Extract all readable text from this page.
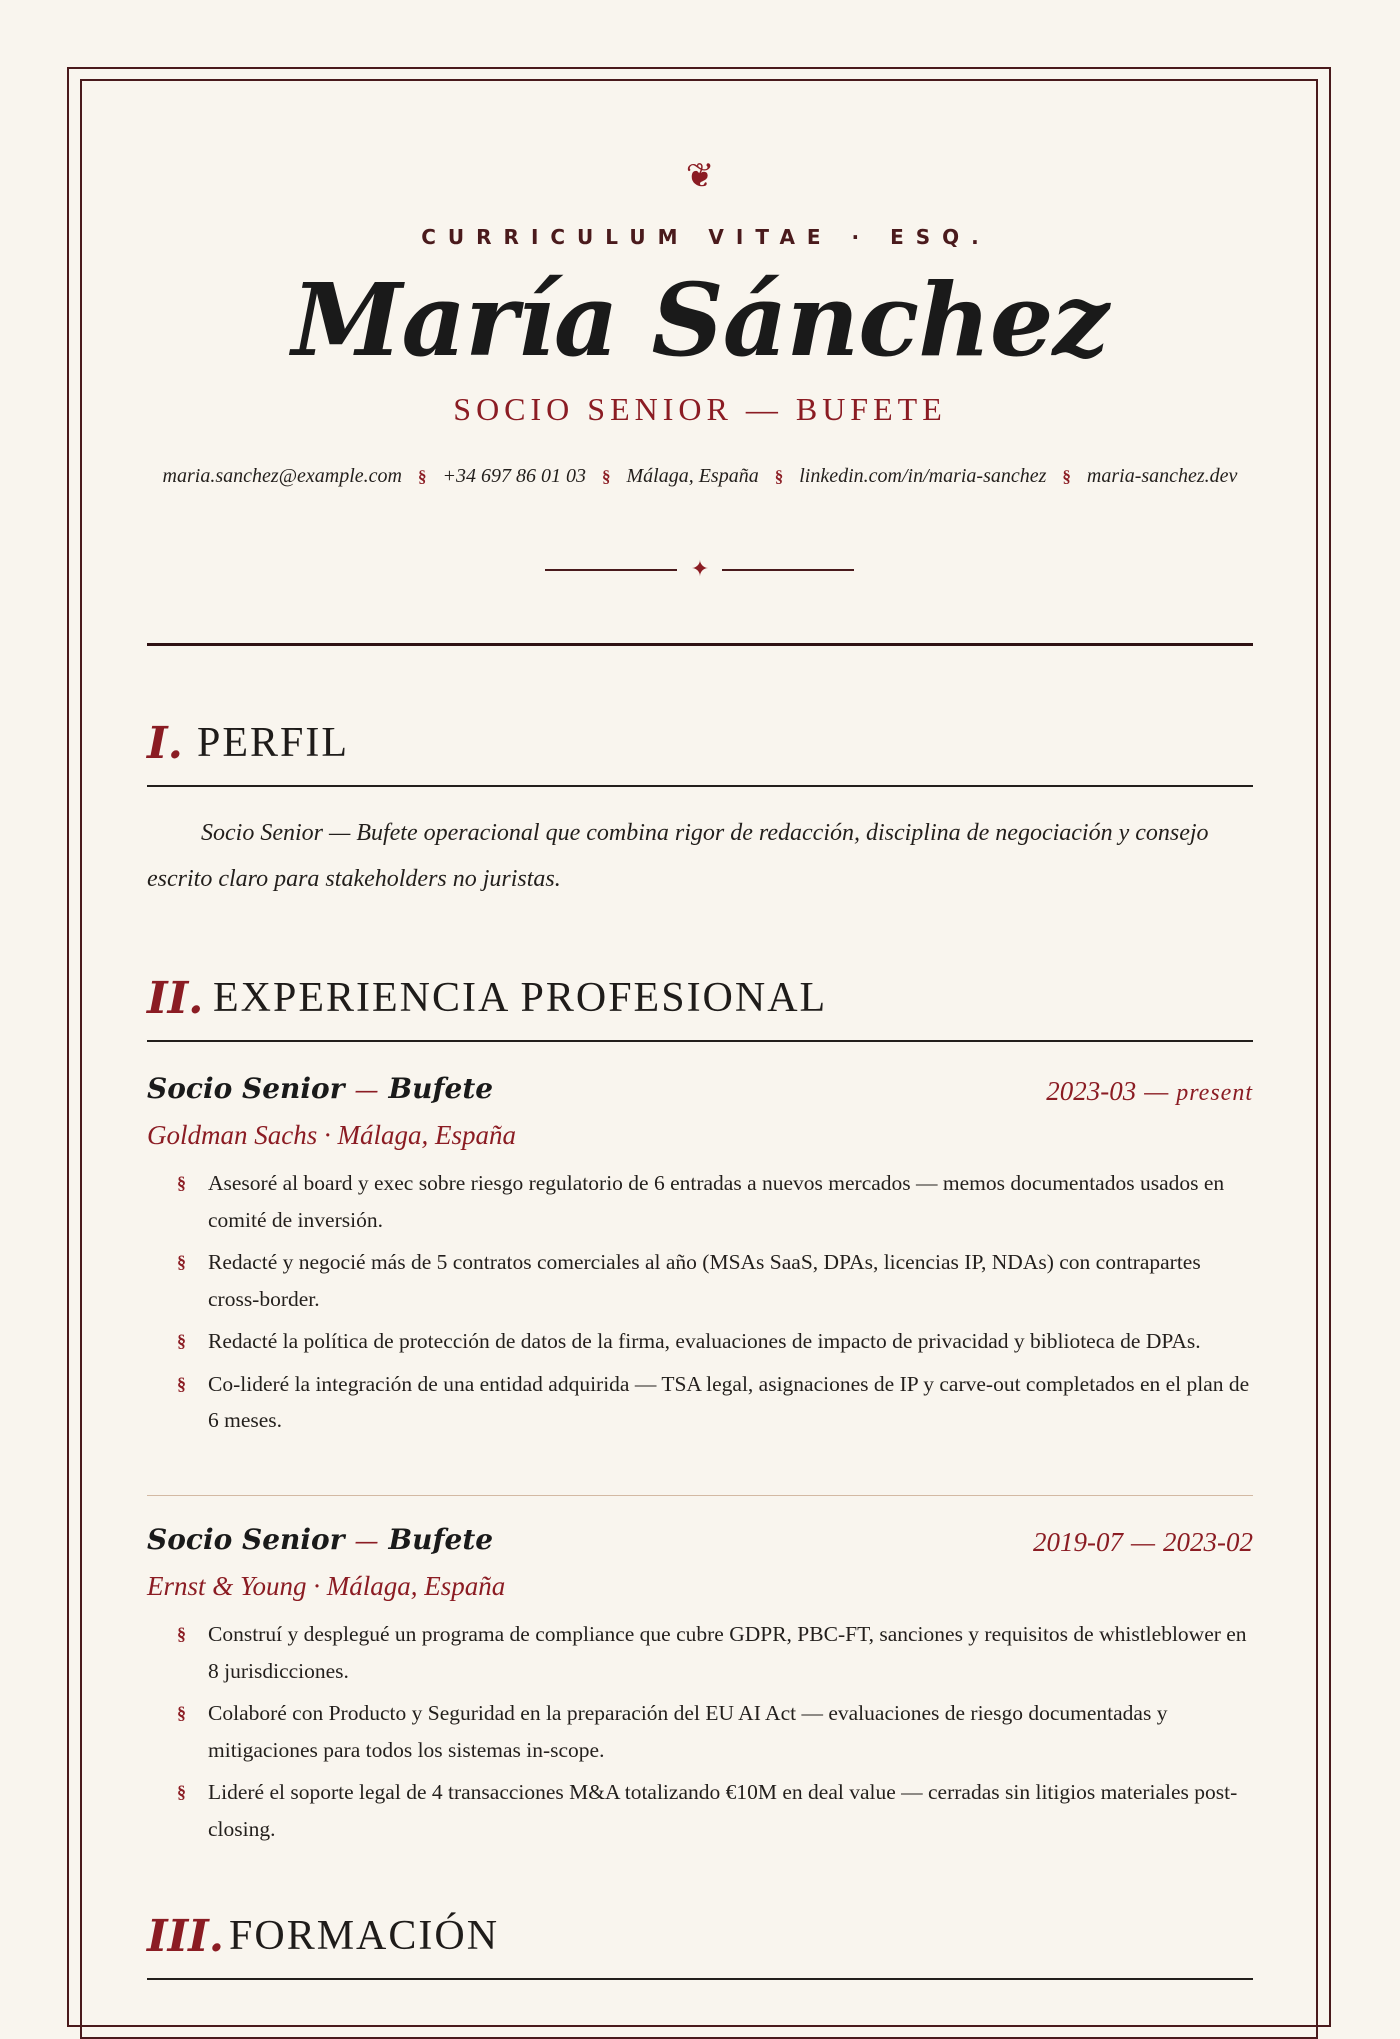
❦
CURRICULUM VITAE · ESQ.
María Sánchez
SOCIO SENIOR — BUFETE
maria.sanchez@example.com § +34 697 86 01 03 § Málaga, España § linkedin.com/in/maria-sanchez § maria-sanchez.dev
✦
I. PERFIL
Socio Senior — Bufete operacional que combina rigor de redacción, disciplina de negociación y consejo escrito claro para stakeholders no juristas.
II. EXPERIENCIA PROFESIONAL
Socio Senior — Bufete	2023-03 — present
Goldman Sachs · Málaga, España
§ Asesoré al board y exec sobre riesgo regulatorio de 6 entradas a nuevos mercados — memos documentados usados en comité de inversión.
§ Redacté y negocié más de 5 contratos comerciales al año (MSAs SaaS, DPAs, licencias IP, NDAs) con contrapartes cross-border.
§ Redacté la política de protección de datos de la firma, evaluaciones de impacto de privacidad y biblioteca de DPAs.
§ Co-lideré la integración de una entidad adquirida — TSA legal, asignaciones de IP y carve-out completados en el plan de 6 meses.
Socio Senior — Bufete	2019-07 — 2023-02
Ernst & Young · Málaga, España
§ Construí y desplegué un programa de compliance que cubre GDPR, PBC-FT, sanciones y requisitos de whistleblower en 8 jurisdicciones.
§ Colaboré con Producto y Seguridad en la preparación del EU AI Act — evaluaciones de riesgo documentadas y mitigaciones para todos los sistemas in-scope.
§ Lideré el soporte legal de 4 transacciones M&A totalizando €10M en deal value — cerradas sin litigios materiales post-closing.
III. FORMACIÓN
